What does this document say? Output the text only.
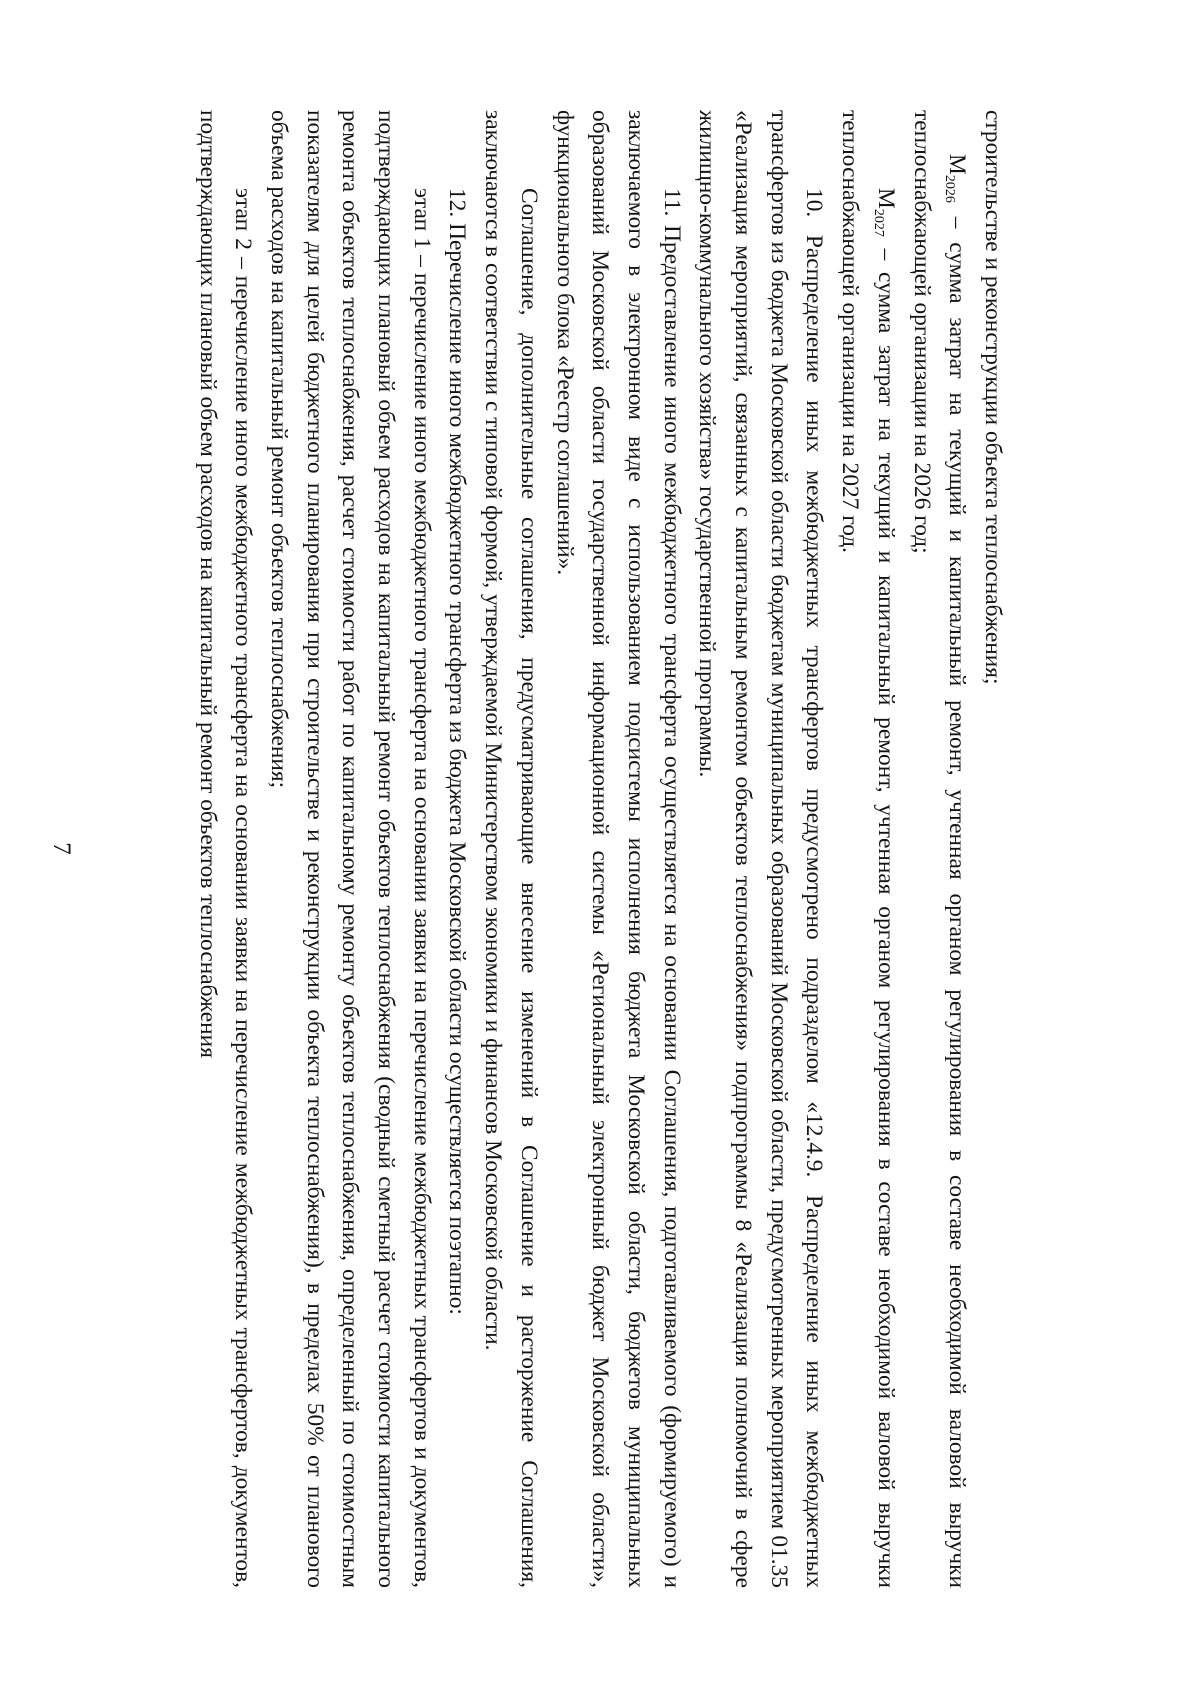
7

строительстве и реконструкции объекта теплоснабжения;

$М_{2026}$ – сумма затрат на текущий и капитальный ремонт, учтенная органом регулирования в составе необходимой валовой выручки теплоснабжающей организации на 2026 год;

$М_{2027}$ – сумма затрат на текущий и капитальный ремонт, учтенная органом регулирования в составе необходимой валовой выручки теплоснабжающей организации на 2027 год.

10. Распределение иных межбюджетных трансфертов предусмотрено подразделом «12.4.9. Распределение иных межбюджетных трансфертов из бюджета Московской области бюджетам муниципальных образований Московской области, предусмотренных мероприятием 01.35 «Реализация мероприятий, связанных с капитальным ремонтом объектов теплоснабжения» подпрограммы 8 «Реализация полномочий в сфере жилищно-коммунального хозяйства» государственной программы.

11. Предоставление иного межбюджетного трансферта осуществляется на основании Соглашения, подготавливаемого (формируемого) и заключаемого в электронном виде с использованием подсистемы исполнения бюджета Московской области, бюджетов муниципальных образований Московской области государственной информационной системы «Региональный электронный бюджет Московской области», функционального блока «Реестр соглашений».

Соглашение, дополнительные соглашения, предусматривающие внесение изменений в Соглашение и расторжение Соглашения, заключаются в соответствии с типовой формой, утверждаемой Министерством экономики и финансов Московской области.

12. Перечисление иного межбюджетного трансферта из бюджета Московской области осуществляется поэтапно:

этап 1 – перечисление иного межбюджетного трансферта на основании заявки на перечисление межбюджетных трансфертов и документов, подтверждающих плановый объем расходов на капитальный ремонт объектов теплоснабжения (сводный сметный расчет стоимости капитального ремонта объектов теплоснабжения, расчет стоимости работ по капитальному ремонту объектов теплоснабжения, определенный по стоимостным показателям для целей бюджетного планирования при строительстве и реконструкции объекта теплоснабжения), в пределах 50% от планового объема расходов на капитальный ремонт объектов теплоснабжения;

этап 2 – перечисление иного межбюджетного трансферта на основании заявки на перечисление межбюджетных трансфертов, документов, подтверждающих плановый объем расходов на капитальный ремонт объектов теплоснабжения
